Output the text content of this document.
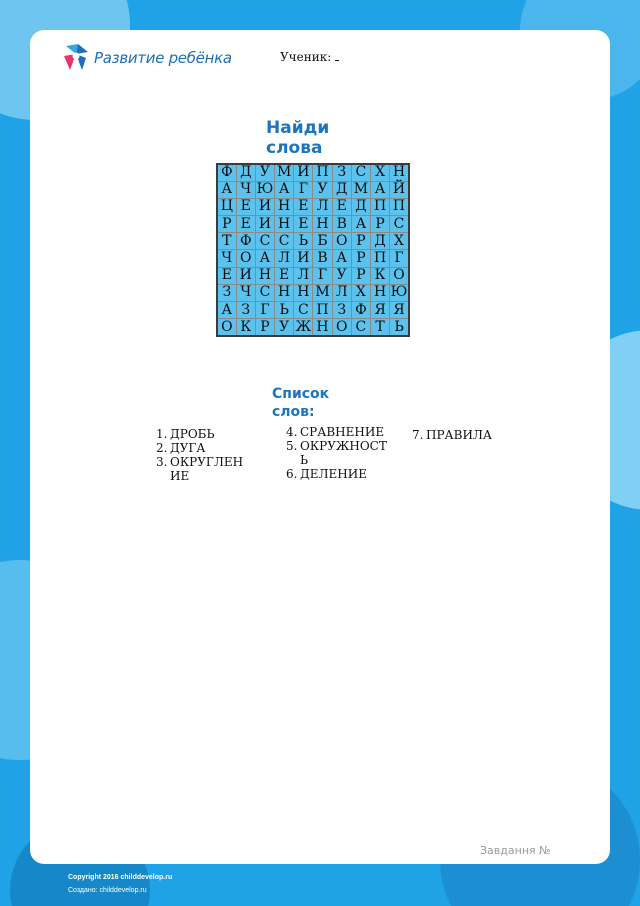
Развитие ребёнка	Ученик:
Найди слова
Ф	Д	У	М	И	П	З	С	Х	Н
А	Ч	Ю	А	Г	У	Д	М	А	Й
Ц	Е	И	Н	Е	Л	Е	Д	П	П
Р	Е	И	Н	Е	Н	В	А	Р	С
Т	Ф	С	С	Ь	Б	О	Р	Д	Х
Ч	О	А	Л	И	В	А	Р	П	Г
Е	И	Н	Е	Л	Г	У	Р	К	О
З	Ч	С	Н	Н	М	Л	Х	Н	Ю
А	З	Г	Ь	С	П	З	Ф	Я	Я
О	К	Р	У	Ж	Н	О	С	Т	Ь
Список слов:
1. ДРОБЬ
2. ДУГА
3. ОКРУГЛЕНИЕ
4. СРАВНЕНИЕ
5. ОКРУЖНОСТЬ
6. ДЕЛЕНИЕ
7. ПРАВИЛА
Завдання №
Copyright 2016 childdevelop.ru
Создано: childdevelop.ru
